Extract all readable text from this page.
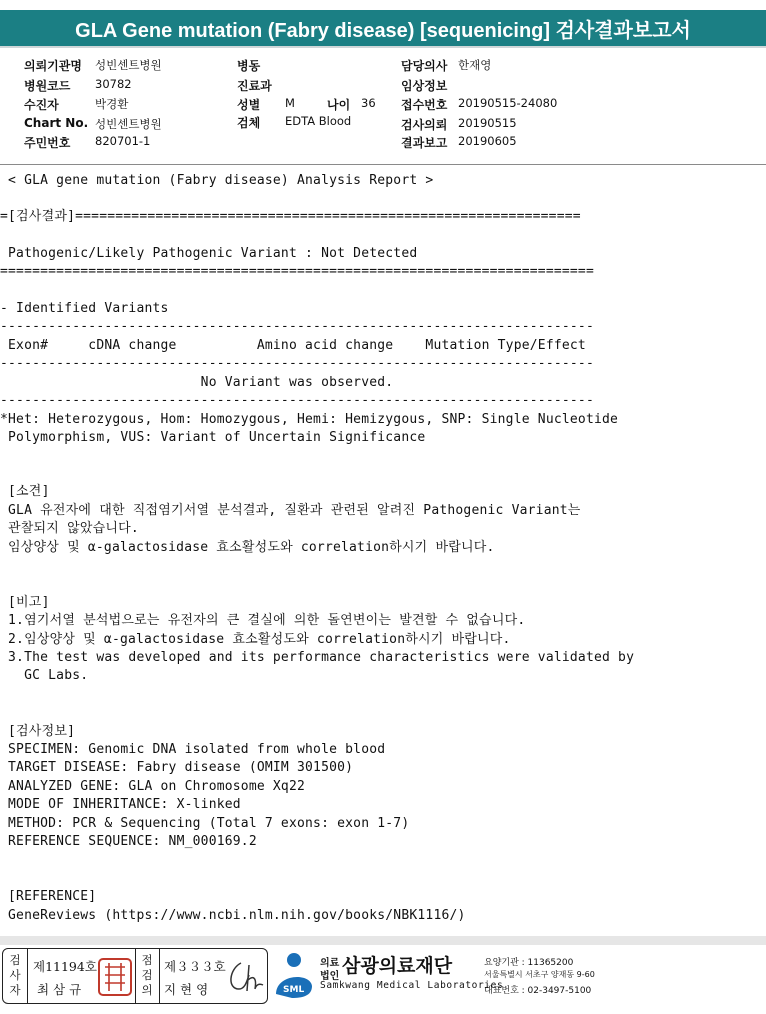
GLA Gene mutation (Fabry disease) [sequenicing] 검사결과보고서
의뢰기관명 성빈센트병원
병원코드 30782
수진자	박경환
Chart No. 성빈센트병원
주민번호 820701-1
병동
진료과
성별 M	나이 36
검체 EDTA Blood
담당의사 한재영
임상정보
접수번호 20190515-24080
검사의뢰 20190515
결과보고 20190605
< GLA gene mutation (Fabry disease) Analysis Report >
=[검사결과]===============================================================
Pathogenic/Likely Pathogenic Variant : Not Detected
==========================================================================
- Identified Variants
--------------------------------------------------------------------------
Exon#     cDNA change          Amino acid change    Mutation Type/Effect
--------------------------------------------------------------------------
No Variant was observed.
--------------------------------------------------------------------------
*Het: Heterozygous, Hom: Homozygous, Hemi: Hemizygous, SNP: Single Nucleotide
Polymorphism, VUS: Variant of Uncertain Significance
[소견]
GLA 유전자에 대한 직접염기서열 분석결과, 질환과 관련된 알려진 Pathogenic Variant는
관찰되지 않았습니다.
임상양상 및 α-galactosidase 효소활성도와 correlation하시기 바랍니다.
[비고]
1.염기서열 분석법으로는 유전자의 큰 결실에 의한 돌연변이는 발견할 수 없습니다.
2.임상양상 및 α-galactosidase 효소활성도와 correlation하시기 바랍니다.
3.The test was developed and its performance characteristics were validated by
GC Labs.
[검사정보]
SPECIMEN: Genomic DNA isolated from whole blood
TARGET DISEASE: Fabry disease (OMIM 301500)
ANALYZED GENE: GLA on Chromosome Xq22
MODE OF INHERITANCE: X-linked
METHOD: PCR & Sequencing (Total 7 exons: exon 1-7)
REFERENCE SEQUENCE: NM_000169.2
[REFERENCE]
GeneReviews (https://www.ncbi.nlm.nih.gov/books/NBK1116/)
검
사
자
제11194호
최 삼 규
점
검
의
제３３３호
지 현 영	SML
의료
법인 삼광의료재단
Samkwang Medical Laboratories
요양기관 : 11365200
서울특별시 서초구 양재동 9-60
대표번호 : 02-3497-5100
